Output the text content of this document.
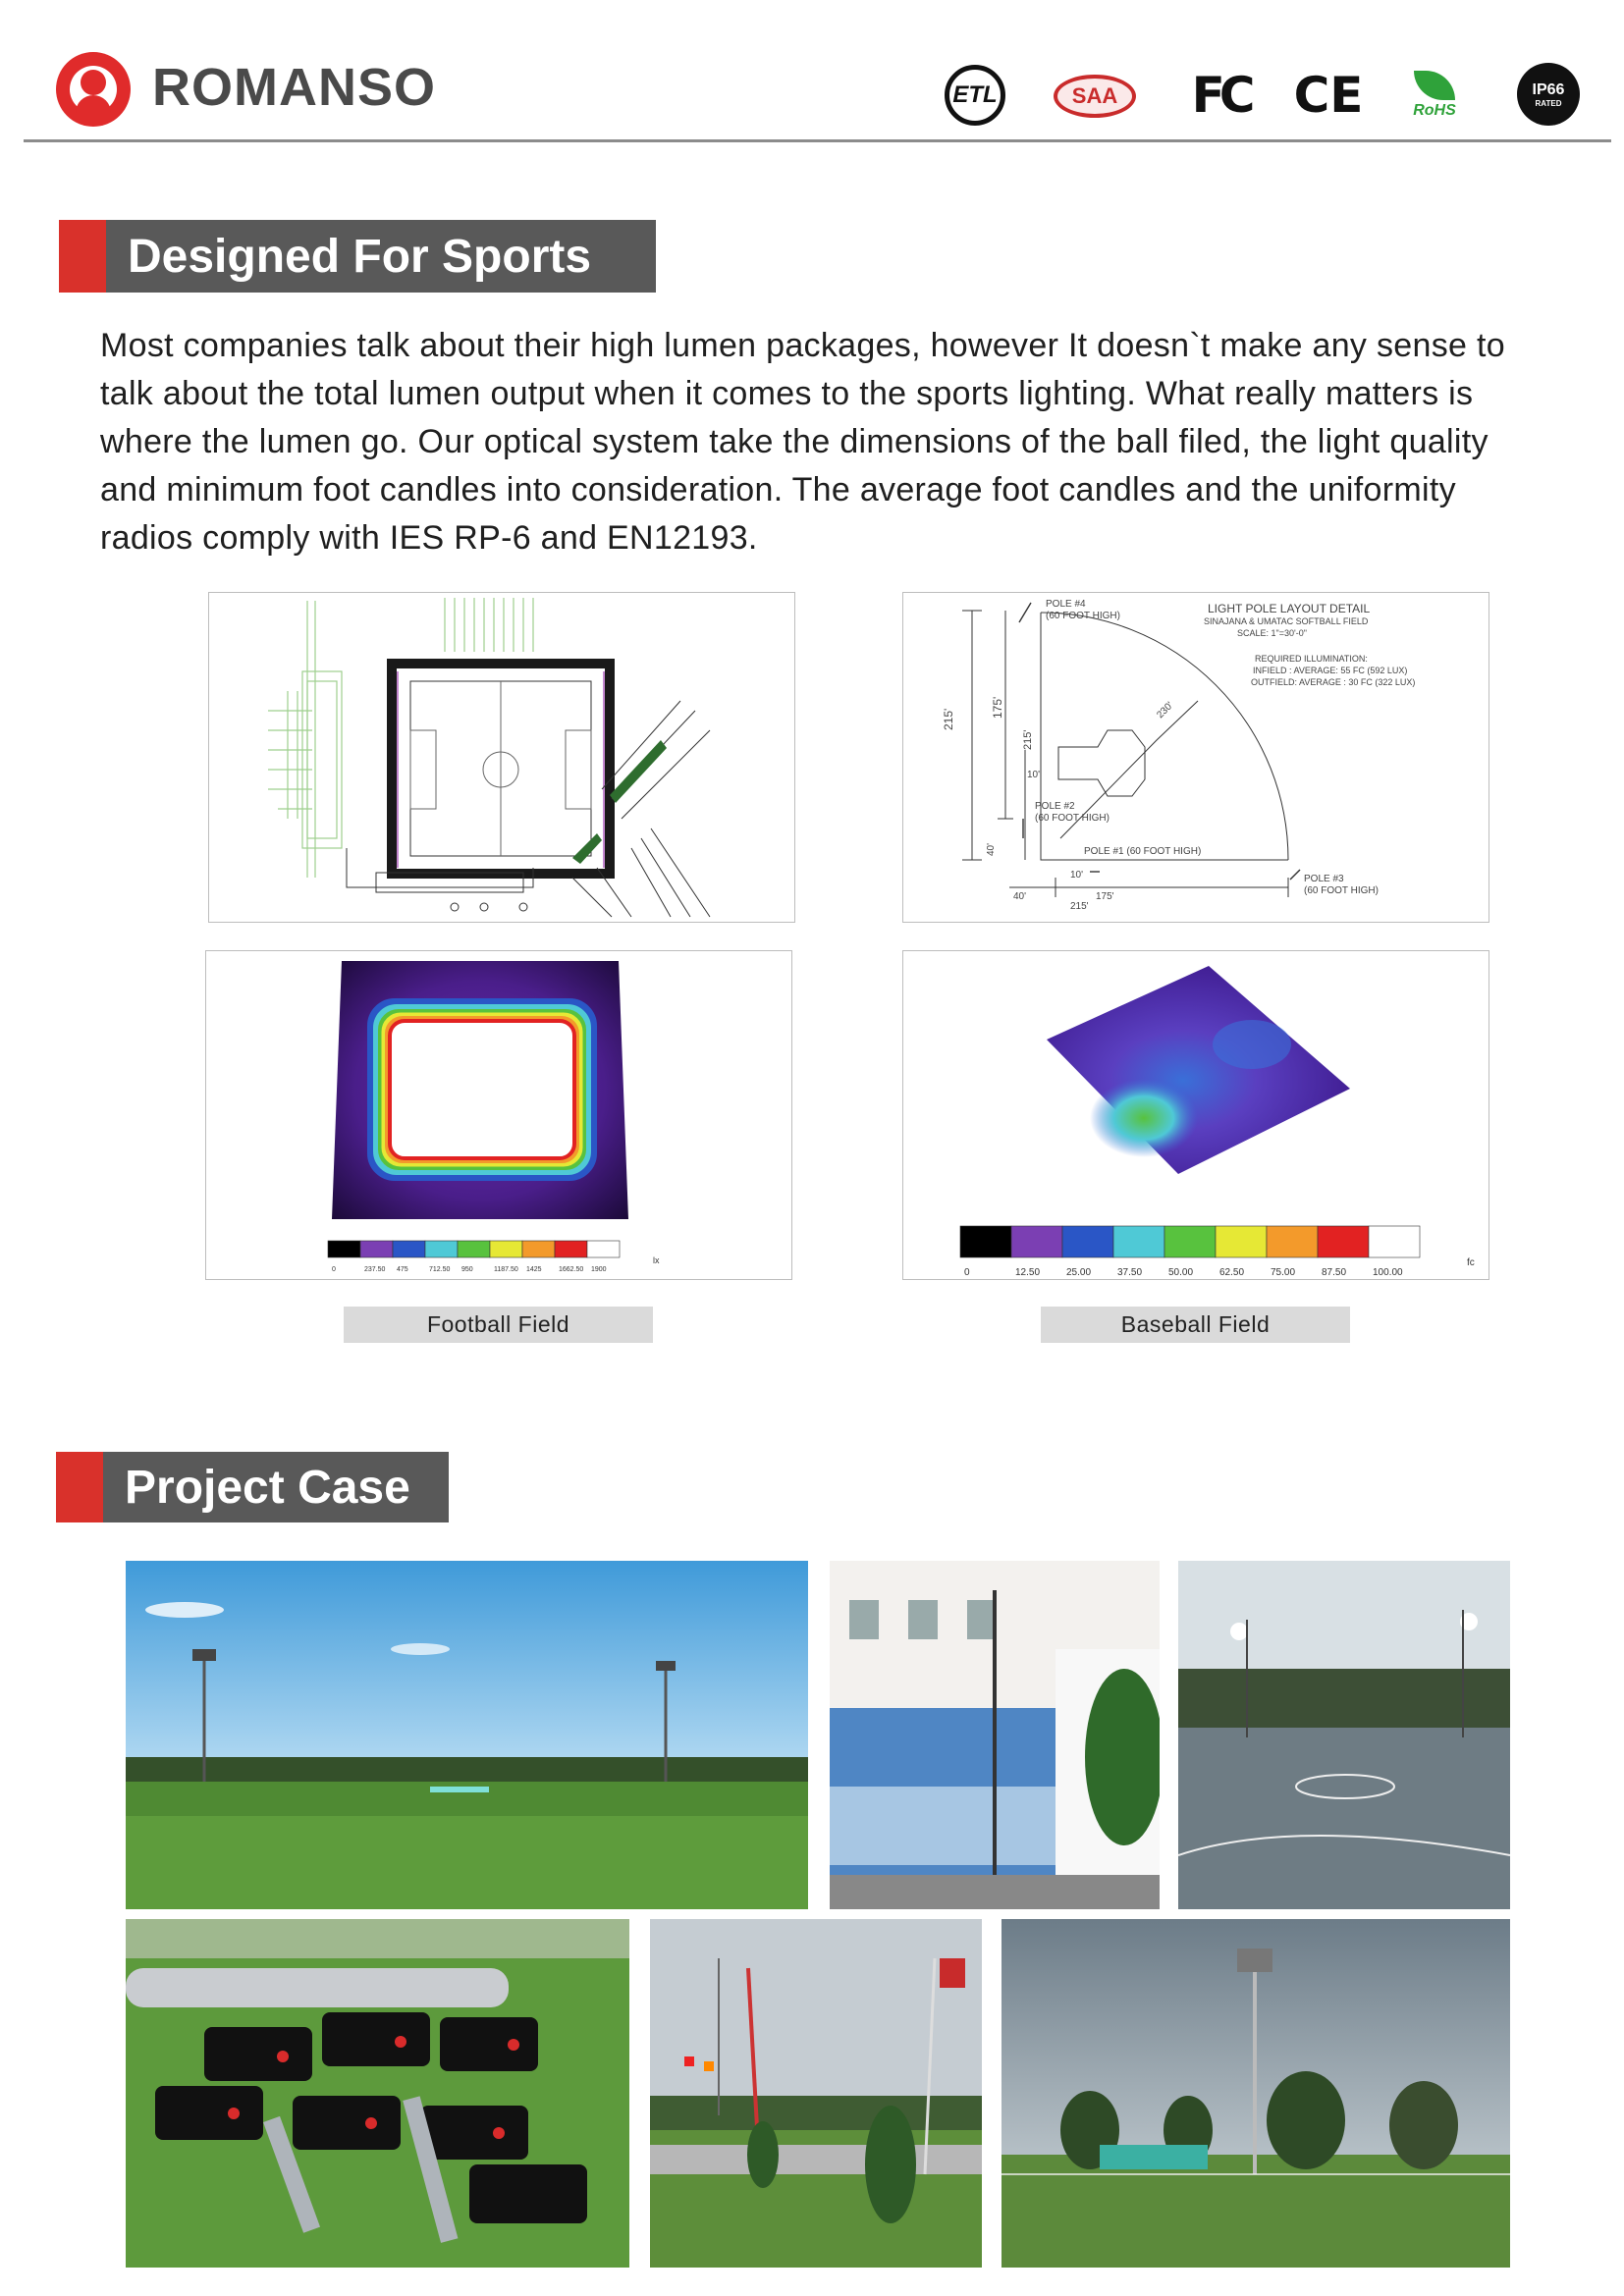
ROMANSO	ETL	SAA	FC CE	RoHS
IP66
RATED
Designed For Sports
Most companies talk about their high lumen packages, however It doesn`t make any sense to talk about the total lumen output when it comes to the sports lighting. What really matters is where the lumen go. Our optical system take the dimensions of the ball filed, the light quality and minimum foot candles into consideration. The average foot candles and the uniformity radios comply with IES RP-6 and EN12193.
POLE #4
(60 FOOT HIGH)
LIGHT POLE LAYOUT DETAIL
SINAJANA & UMATAC SOFTBALL FIELD
SCALE: 1"=30'-0"
REQUIRED ILLUMINATION:
INFIELD : AVERAGE: 55 FC (592 LUX)
OUTFIELD: AVERAGE : 30 FC (322 LUX)
POLE #2
(60 FOOT HIGH)
POLE #1 (60 FOOT HIGH)
POLE #3
(60 FOOT HIGH)
215'
175'
215'
40'
10'
10'
40'	175'
215'
230'
0	237.50 475	712.50 950	1187.50 1425 1662.50 1900
lx
0	12.50	25.00	37.50	50.00	62.50	75.00	87.50	100.00
fc
Football Field	Baseball Field
Project Case
